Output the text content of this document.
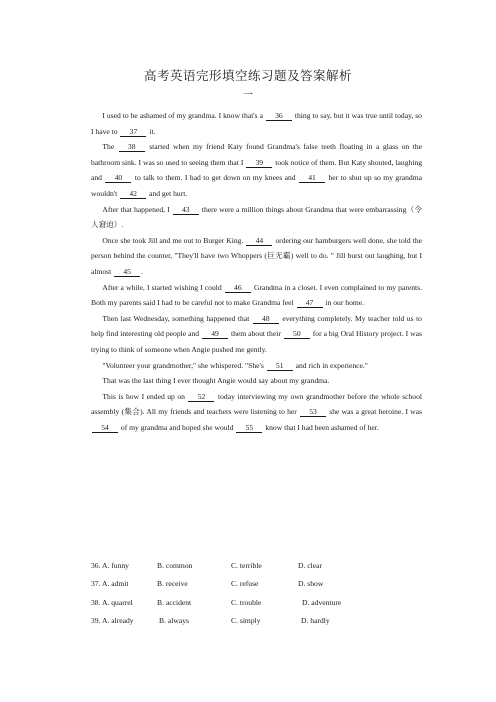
高考英语完形填空练习题及答案解析
一

  I used to be ashamed of my grandma. I know that's a 36 thing to say, but it was true until today, so I have to 37 it.

  The 38 started when my friend Katy found Grandma's false teeth floating in a glass on the bathroom sink. I was so used to seeing them that I 39 took notice of them. But Katy shouted, laughing and 40 to talk to them. I had to get down on my knees and 41 her to shut up so my grandma wouldn't 42 and get hurt.

  After that happened, I 43 there were a million things about Grandma that were embarrassing（令人窘迫）.

  Once she took Jill and me out to Burger King. 44 ordering our hamburgers well done, she told the person behind the counter, "They'll have two Whoppers (巨无霸) well to do. " Jill burst out laughing, but I almost 45 .

  After a while, I started wishing I could 46 Grandma in a closet. I even complained to my parents. Both my parents said I had to be careful not to make Grandma feel 47 in our home.

  Then last Wednesday, something happened that 48 everything completely. My teacher told us to help find interesting old people and 49 them about their 50 for a big Oral History project. I was trying to think of someone when Angie pushed me gently.

  "Volunteer your grandmother," she whispered. "She's 51 and rich in experience."

  That was the last thing I ever thought Angie would say about my grandma.

  This is how I ended up on 52 today interviewing my own grandmother before the whole school assembly (集合). All my friends and teachers were listening to her 53 she was a great heroine. I was 54 of my grandma and hoped she would 55 know that I had been ashamed of her.

36. A. funny	B. common	C. terrible	D. clear
37. A. admit	B. receive	C. refuse	D. show
38. A. quarrel	B. accident	C. trouble	D. adventure
39. A. already	B. always	C. simply	D. hardly
